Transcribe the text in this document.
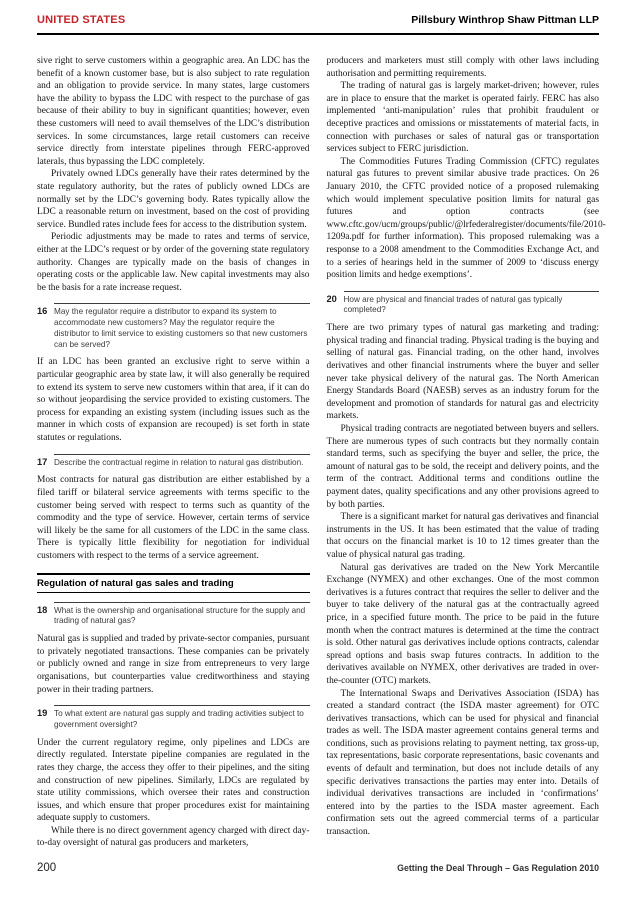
UNITED STATES	Pillsbury Winthrop Shaw Pittman LLP

sive right to serve customers within a geographic area. An LDC has the benefit of a known customer base, but is also subject to rate regulation and an obligation to provide service. In many states, large customers have the ability to bypass the LDC with respect to the purchase of gas because of their ability to buy in significant quantities; however, even these customers will need to avail themselves of the LDC’s distribution services. In some circumstances, large retail customers can receive service directly from interstate pipelines through FERC-approved laterals, thus bypassing the LDC completely.

Privately owned LDCs generally have their rates determined by the state regulatory authority, but the rates of publicly owned LDCs are normally set by the LDC’s governing body. Rates typically allow the LDC a reasonable return on investment, based on the cost of providing service. Bundled rates include fees for access to the distribution system.

Periodic adjustments may be made to rates and terms of service, either at the LDC’s request or by order of the governing state regulatory authority. Changes are typically made on the basis of changes in operating costs or the applicable law. New capital investments may also be the basis for a rate increase request.

16 May the regulator require a distributor to expand its system to accommodate new customers? May the regulator require the distributor to limit service to existing customers so that new customers can be served?

If an LDC has been granted an exclusive right to serve within a particular geographic area by state law, it will also generally be required to extend its system to serve new customers within that area, if it can do so without jeopardising the service provided to existing customers. The process for expanding an existing system (including issues such as the manner in which costs of expansion are recouped) is set forth in state statutes or regulations.

17 Describe the contractual regime in relation to natural gas distribution.

Most contracts for natural gas distribution are either established by a filed tariff or bilateral service agreements with terms specific to the customer being served with respect to terms such as quantity of the commodity and the type of service. However, certain terms of service will likely be the same for all customers of the LDC in the same class. There is typically little flexibility for negotiation for individual customers with respect to the terms of a service agreement.

Regulation of natural gas sales and trading
18 What is the ownership and organisational structure for the supply and trading of natural gas?

Natural gas is supplied and traded by private-sector companies, pursuant to privately negotiated transactions. These companies can be privately or publicly owned and range in size from entrepreneurs to very large organisations, but counterparties value creditworthiness and staying power in their trading partners.

19 To what extent are natural gas supply and trading activities subject to government oversight?

Under the current regulatory regime, only pipelines and LDCs are directly regulated. Interstate pipeline companies are regulated in the rates they charge, the access they offer to their pipelines, and the siting and construction of new pipelines. Similarly, LDCs are regulated by state utility commissions, which oversee their rates and construction issues, and which ensure that proper procedures exist for maintaining adequate supply to customers.

While there is no direct government agency charged with direct day-to-day oversight of natural gas producers and marketers,

producers and marketers must still comply with other laws including authorisation and permitting requirements.

The trading of natural gas is largely market-driven; however, rules are in place to ensure that the market is operated fairly. FERC has also implemented ‘anti-manipulation’ rules that prohibit fraudulent or deceptive practices and omissions or misstatements of material facts, in connection with purchases or sales of natural gas or transportation services subject to FERC jurisdiction.

The Commodities Futures Trading Commission (CFTC) regulates natural gas futures to prevent similar abusive trade practices. On 26 January 2010, the CFTC provided notice of a proposed rulemaking which would implement speculative position limits for natural gas futures and option contracts (see www.cftc.gov/ucm/groups/public/@lrfederalregister/documents/file/2010-1209a.pdf for further information). This proposed rulemaking was a response to a 2008 amendment to the Commodities Exchange Act, and to a series of hearings held in the summer of 2009 to ‘discuss energy position limits and hedge exemptions’.

20 How are physical and financial trades of natural gas typically completed?

There are two primary types of natural gas marketing and trading: physical trading and financial trading. Physical trading is the buying and selling of natural gas. Financial trading, on the other hand, involves derivatives and other financial instruments where the buyer and seller never take physical delivery of the natural gas. The North American Energy Standards Board (NAESB) serves as an industry forum for the development and promotion of standards for natural gas and electricity markets.

Physical trading contracts are negotiated between buyers and sellers. There are numerous types of such contracts but they normally contain standard terms, such as specifying the buyer and seller, the price, the amount of natural gas to be sold, the receipt and delivery points, and the term of the contract. Additional terms and conditions outline the payment dates, quality specifications and any other provisions agreed to by both parties.

There is a significant market for natural gas derivatives and financial instruments in the US. It has been estimated that the value of trading that occurs on the financial market is 10 to 12 times greater than the value of physical natural gas trading.

Natural gas derivatives are traded on the New York Mercantile Exchange (NYMEX) and other exchanges. One of the most common derivatives is a futures contract that requires the seller to deliver and the buyer to take delivery of the natural gas at the contractually agreed price, in a specified future month. The price to be paid in the future month when the contract matures is determined at the time the contract is sold. Other natural gas derivatives include options contracts, calendar spread options and basis swap futures contracts. In addition to the derivatives available on NYMEX, other derivatives are traded in over-the-counter (OTC) markets.

The International Swaps and Derivatives Association (ISDA) has created a standard contract (the ISDA master agreement) for OTC derivatives transactions, which can be used for physical and financial trades as well. The ISDA master agreement contains general terms and conditions, such as provisions relating to payment netting, tax gross-up, tax representations, basic corporate representations, basic covenants and events of default and termination, but does not include details of any specific derivatives transactions the parties may enter into. Details of individual derivatives transactions are included in ‘confirmations’ entered into by the parties to the ISDA master agreement. Each confirmation sets out the agreed commercial terms of a particular transaction.

200	Getting the Deal Through – Gas Regulation 2010
